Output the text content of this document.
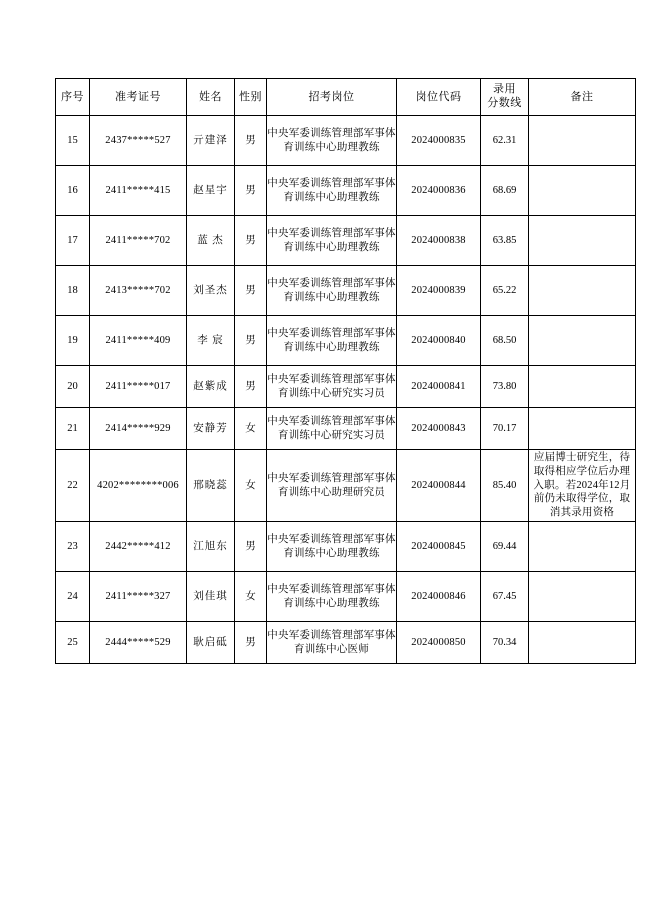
序号	准考证号	姓名	性别	招考岗位	岗位代码	录用
分数线	备注
15	2437*****527	亓建泽	男	中央军委训练管理部军事体育训练中心助理教练	2024000835	62.31	
16	2411*****415	赵星宇	男	中央军委训练管理部军事体育训练中心助理教练	2024000836	68.69	
17	2411*****702	蓝 杰	男	中央军委训练管理部军事体育训练中心助理教练	2024000838	63.85	
18	2413*****702	刘圣杰	男	中央军委训练管理部军事体育训练中心助理教练	2024000839	65.22	
19	2411*****409	李 宸	男	中央军委训练管理部军事体育训练中心助理教练	2024000840	68.50	
20	2411*****017	赵紫成	男	中央军委训练管理部军事体育训练中心研究实习员	2024000841	73.80	
21	2414*****929	安静芳	女	中央军委训练管理部军事体育训练中心研究实习员	2024000843	70.17	
22	4202********006	邢晓蕊	女	中央军委训练管理部军事体育训练中心助理研究员	2024000844	85.40	应届博士研究生，待取得相应学位后办理入职。若2024年12月前仍未取得学位，取消其录用资格
23	2442*****412	江旭东	男	中央军委训练管理部军事体育训练中心助理教练	2024000845	69.44	
24	2411*****327	刘佳琪	女	中央军委训练管理部军事体育训练中心助理教练	2024000846	67.45	
25	2444*****529	耿启砥	男	中央军委训练管理部军事体育训练中心医师	2024000850	70.34	
